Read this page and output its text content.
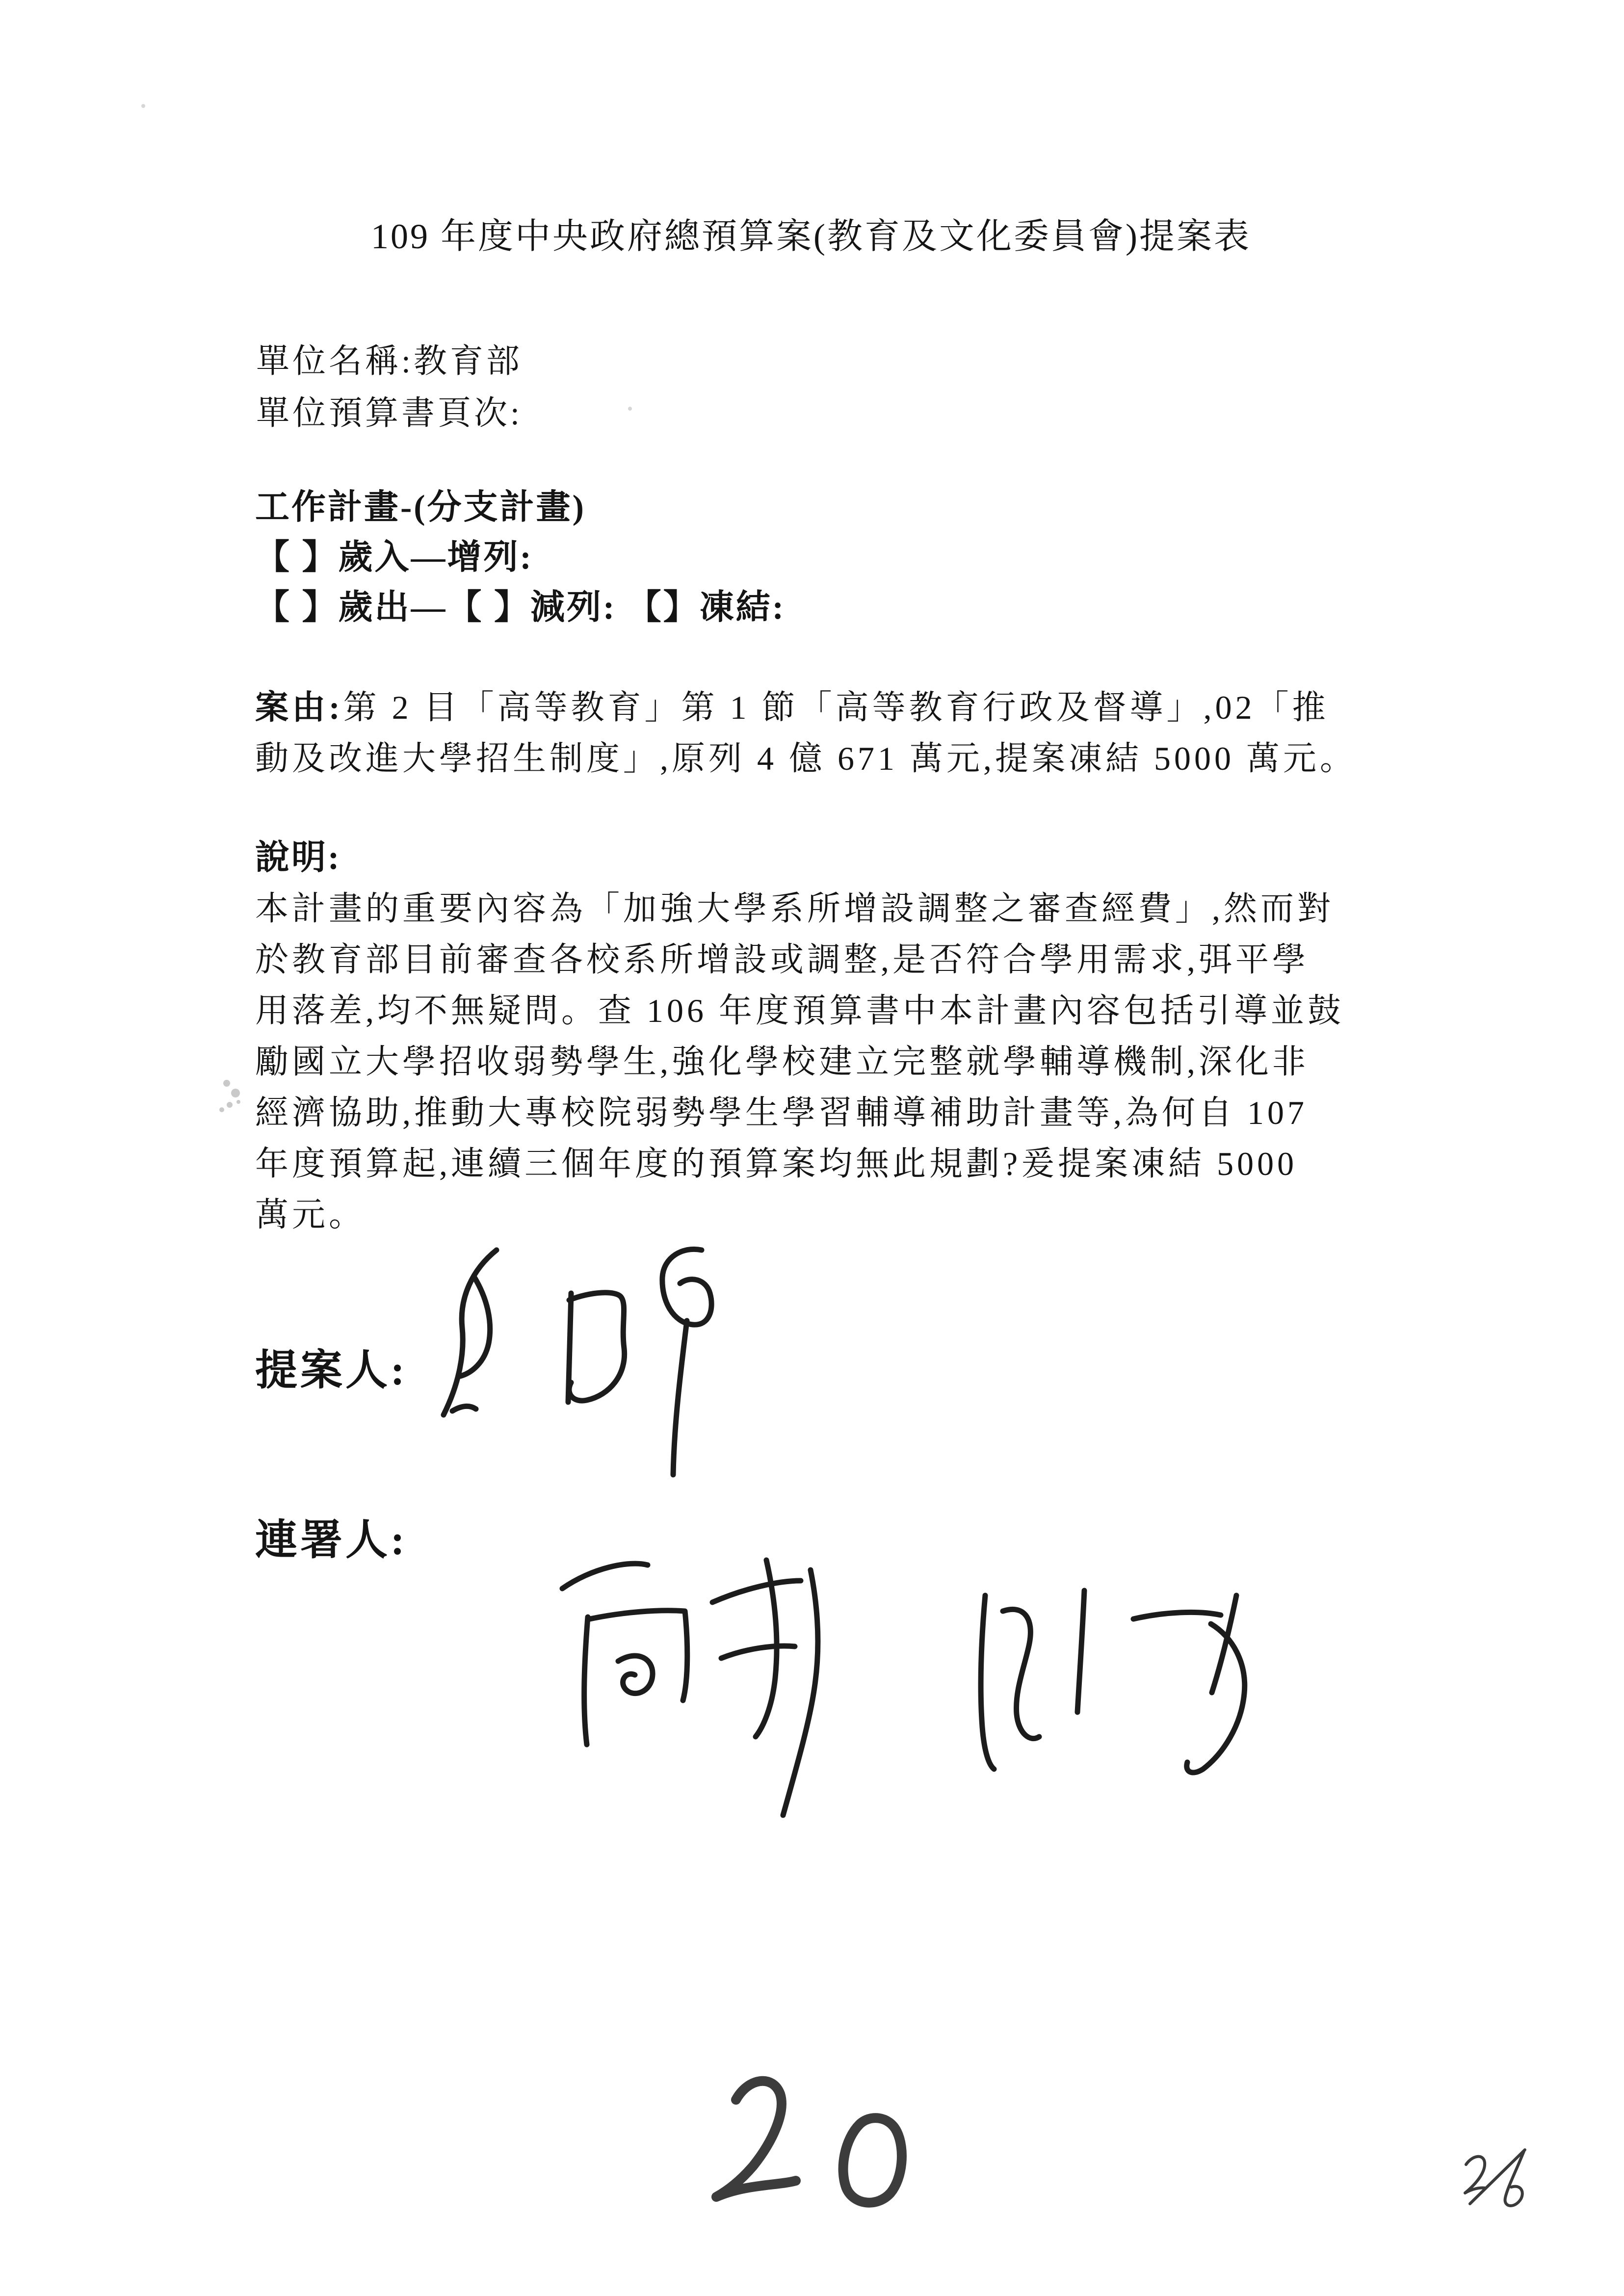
109 年度中央政府總預算案(教育及文化委員會)提案表
單位名稱:教育部
單位預算書頁次:
工作計畫-(分支計畫)
【 】歲入—增列:
【 】歲出—【 】減列: 【】凍結:
案由:第 2 目「高等教育」第 1 節「高等教育行政及督導」,02「推
動及改進大學招生制度」,原列 4 億 671 萬元,提案凍結 5000 萬元。
說明:
本計畫的重要內容為「加強大學系所增設調整之審查經費」,然而對
於教育部目前審查各校系所增設或調整,是否符合學用需求,弭平學
用落差,均不無疑問。查 106 年度預算書中本計畫內容包括引導並鼓
勵國立大學招收弱勢學生,強化學校建立完整就學輔導機制,深化非
經濟協助,推動大專校院弱勢學生學習輔導補助計畫等,為何自 107
年度預算起,連續三個年度的預算案均無此規劃?爰提案凍結 5000
萬元。
提案人:
連署人:
